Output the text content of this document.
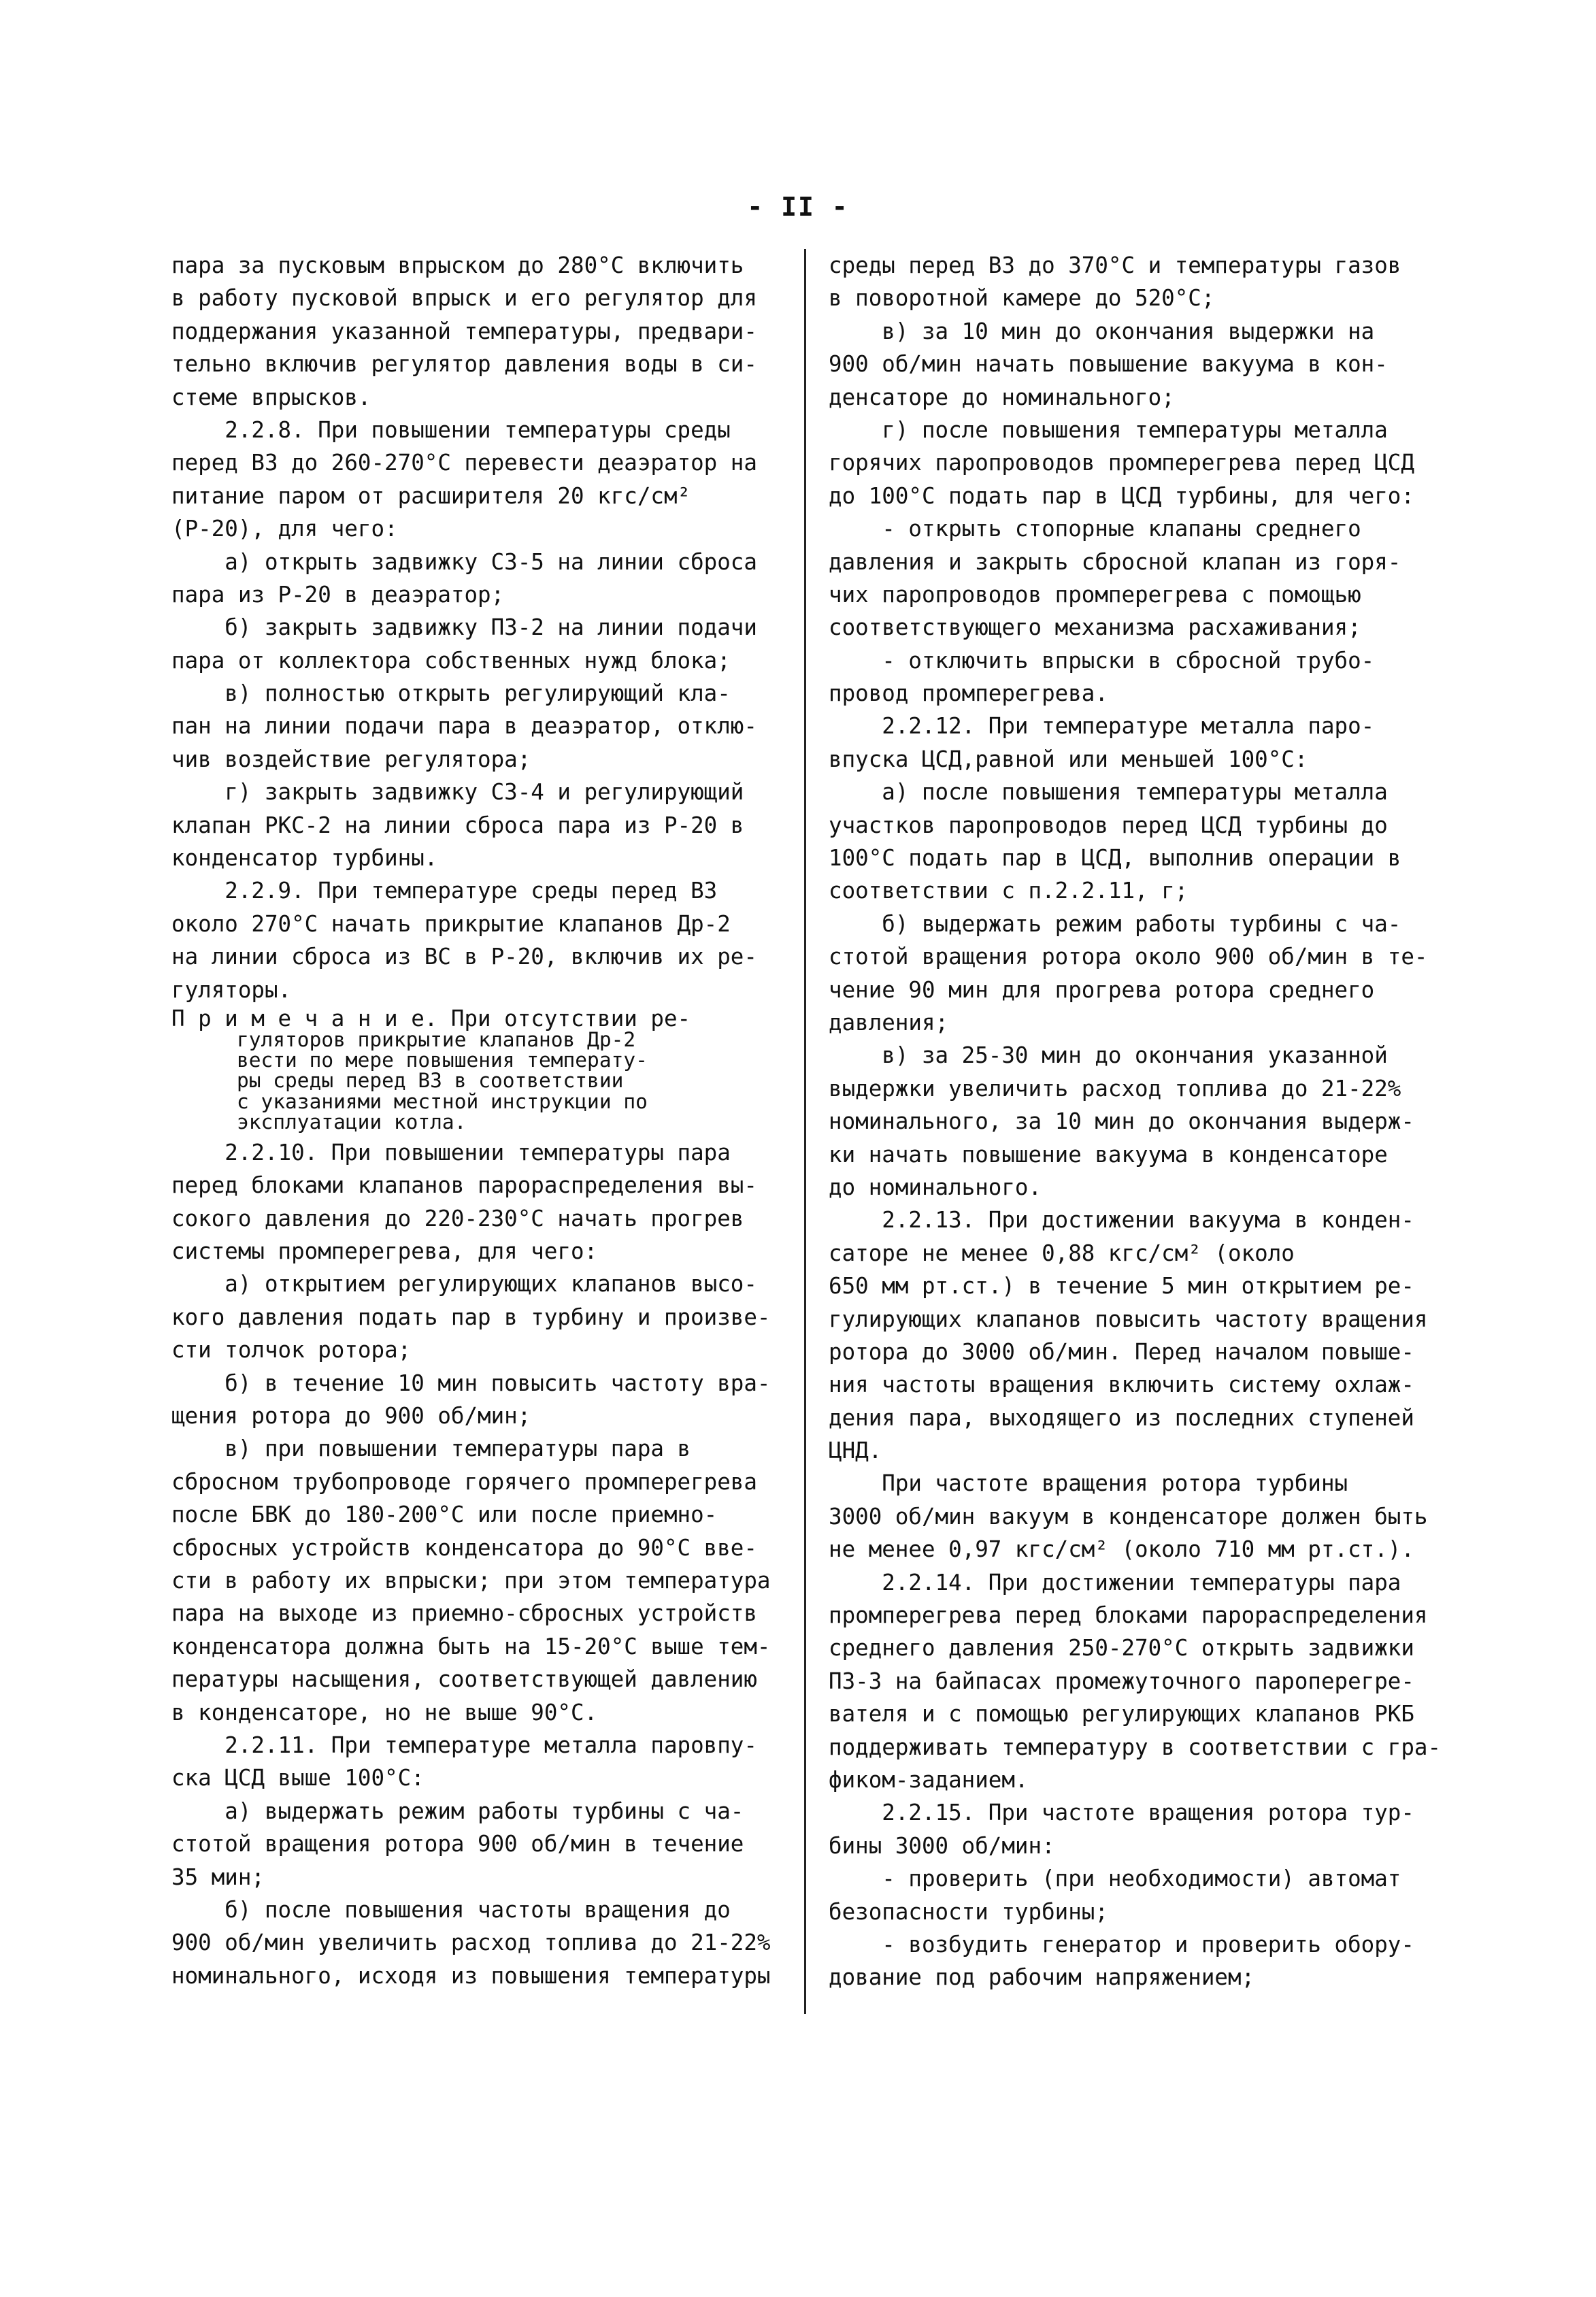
- II -
пара за пусковым впрыском до 280°С включить
в работу пусковой впрыск и его регулятор для
поддержания указанной температуры, предвари-
тельно включив регулятор давления воды в си-
стеме впрысков.
2.2.8. При повышении температуры среды
перед ВЗ до 260-270°С перевести деаэратор на
питание паром от расширителя 20 кгс/см²
(Р-20), для чего:
а) открыть задвижку СЗ-5 на линии сброса
пара из Р-20 в деаэратор;
б) закрыть задвижку ПЗ-2 на линии подачи
пара от коллектора собственных нужд блока;
в) полностью открыть регулирующий кла-
пан на линии подачи пара в деаэратор, отклю-
чив воздействие регулятора;
г) закрыть задвижку СЗ-4 и регулирующий
клапан РКС-2 на линии сброса пара из Р-20 в
конденсатор турбины.
2.2.9. При температуре среды перед ВЗ
около 270°С начать прикрытие клапанов Др-2
на линии сброса из ВС в Р-20, включив их ре-
гуляторы.
П р и м е ч а н и е. При отсутствии ре-
гуляторов прикрытие клапанов Др-2
вести по мере повышения температу-
ры среды перед ВЗ в соответствии
с указаниями местной инструкции по
эксплуатации котла.
2.2.10. При повышении температуры пара
перед блоками клапанов парораспределения вы-
сокого давления до 220-230°С начать прогрев
системы промперегрева, для чего:
а) открытием регулирующих клапанов высо-
кого давления подать пар в турбину и произве-
сти толчок ротора;
б) в течение 10 мин повысить частоту вра-
щения ротора до 900 об/мин;
в) при повышении температуры пара в
сбросном трубопроводе горячего промперегрева
после БВК до 180-200°С или после приемно-
сбросных устройств конденсатора до 90°С вве-
сти в работу их впрыски; при этом температура
пара на выходе из приемно-сбросных устройств
конденсатора должна быть на 15-20°С выше тем-
пературы насыщения, соответствующей давлению
в конденсаторе, но не выше 90°С.
2.2.11. При температуре металла паровпу-
ска ЦСД выше 100°С:
а) выдержать режим работы турбины с ча-
стотой вращения ротора 900 об/мин в течение
35 мин;
б) после повышения частоты вращения до
900 об/мин увеличить расход топлива до 21-22%
номинального, исходя из повышения температуры
среды перед ВЗ до 370°С и температуры газов
в поворотной камере до 520°С;
в) за 10 мин до окончания выдержки на
900 об/мин начать повышение вакуума в кон-
денсаторе до номинального;
г) после повышения температуры металла
горячих паропроводов промперегрева перед ЦСД
до 100°С подать пар в ЦСД турбины, для чего:
- открыть стопорные клапаны среднего
давления и закрыть сбросной клапан из горя-
чих паропроводов промперегрева с помощью
соответствующего механизма расхаживания;
- отключить впрыски в сбросной трубо-
провод промперегрева.
2.2.12. При температуре металла паро-
впуска ЦСД,равной или меньшей 100°С:
а) после повышения температуры металла
участков паропроводов перед ЦСД турбины до
100°С подать пар в ЦСД, выполнив операции в
соответствии с п.2.2.11, г;
б) выдержать режим работы турбины с ча-
стотой вращения ротора около 900 об/мин в те-
чение 90 мин для прогрева ротора среднего
давления;
в) за 25-30 мин до окончания указанной
выдержки увеличить расход топлива до 21-22%
номинального, за 10 мин до окончания выдерж-
ки начать повышение вакуума в конденсаторе
до номинального.
2.2.13. При достижении вакуума в конден-
саторе не менее 0,88 кгс/см² (около
650 мм рт.ст.) в течение 5 мин открытием ре-
гулирующих клапанов повысить частоту вращения
ротора до 3000 об/мин. Перед началом повыше-
ния частоты вращения включить систему охлаж-
дения пара, выходящего из последних ступеней
ЦНД.
При частоте вращения ротора турбины
3000 об/мин вакуум в конденсаторе должен быть
не менее 0,97 кгс/см² (около 710 мм рт.ст.).
2.2.14. При достижении температуры пара
промперегрева перед блоками парораспределения
среднего давления 250-270°С открыть задвижки
ПЗ-3 на байпасах промежуточного пароперегре-
вателя и с помощью регулирующих клапанов РКБ
поддерживать температуру в соответствии с гра-
фиком-заданием.
2.2.15. При частоте вращения ротора тур-
бины 3000 об/мин:
- проверить (при необходимости) автомат
безопасности турбины;
- возбудить генератор и проверить обору-
дование под рабочим напряжением;
